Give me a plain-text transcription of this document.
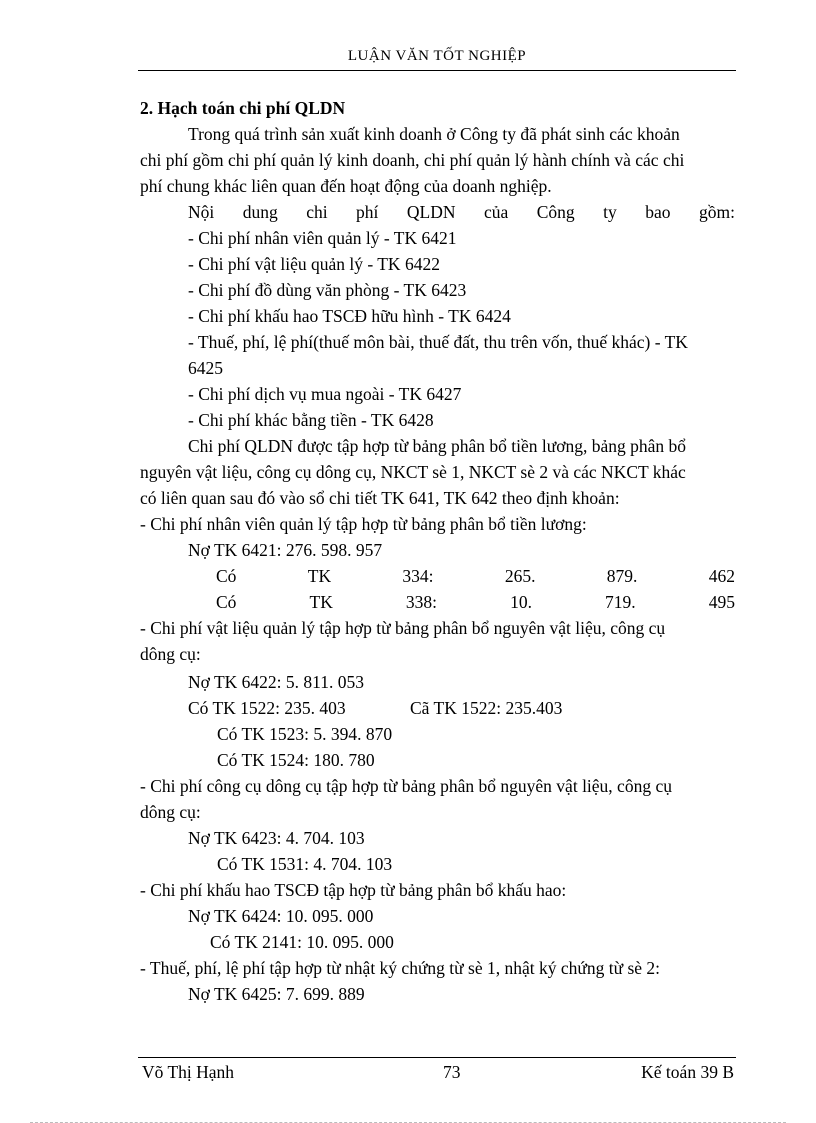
LUẬN VĂN TỐT NGHIỆP
2. Hạch toán chi phí QLDN
Trong quá trình sản xuất kinh doanh ở Công ty đã phát sinh các khoản
chi phí gồm chi phí quản lý kinh doanh, chi phí quản lý hành chính và các chi
phí chung khác liên quan đến hoạt động của doanh nghiệp.
Nội dung chi phí QLDN của Công ty bao gồm:
- Chi phí nhân viên quản lý - TK 6421
- Chi phí vật liệu quản lý - TK 6422
- Chi phí đồ dùng văn phòng - TK 6423
- Chi phí khấu hao TSCĐ hữu hình - TK 6424
- Thuế, phí, lệ phí(thuế môn bài, thuế đất, thu trên vốn, thuế khác) - TK
6425
- Chi phí dịch vụ mua ngoài - TK 6427
- Chi phí khác bằng tiền - TK 6428
Chi phí QLDN được tập hợp từ bảng phân bổ tiền lương, bảng phân bổ
nguyên vật liệu, công cụ dông cụ, NKCT sè 1, NKCT sè 2 và các NKCT khác
có liên quan sau đó vào sổ chi tiết TK 641, TK 642 theo định khoản:
- Chi phí nhân viên quản lý tập hợp từ bảng phân bổ tiền lương:
Nợ TK 6421: 276. 598. 957
Có	TK	334:	265.	879.	462
Có	TK	338:	10.	719.	495
- Chi phí vật liệu quản lý tập hợp từ bảng phân bổ nguyên vật liệu, công cụ
dông cụ:
Nợ TK 6422: 5. 811. 053
Có TK 1522: 235. 403	Cã TK 1522: 235.403
Có TK 1523: 5. 394. 870
Có TK 1524: 180. 780
- Chi phí công cụ dông cụ tập hợp từ bảng phân bổ nguyên vật liệu, công cụ
dông cụ:
Nợ TK 6423: 4. 704. 103
Có TK 1531: 4. 704. 103
- Chi phí khấu hao TSCĐ tập hợp từ bảng phân bổ khấu hao:
Nợ TK 6424: 10. 095. 000
Có TK 2141: 10. 095. 000
- Thuế, phí, lệ phí tập hợp từ nhật ký chứng từ sè 1, nhật ký chứng từ sè 2:
Nợ TK 6425: 7. 699. 889
Võ Thị Hạnh	73	Kế toán 39 B
